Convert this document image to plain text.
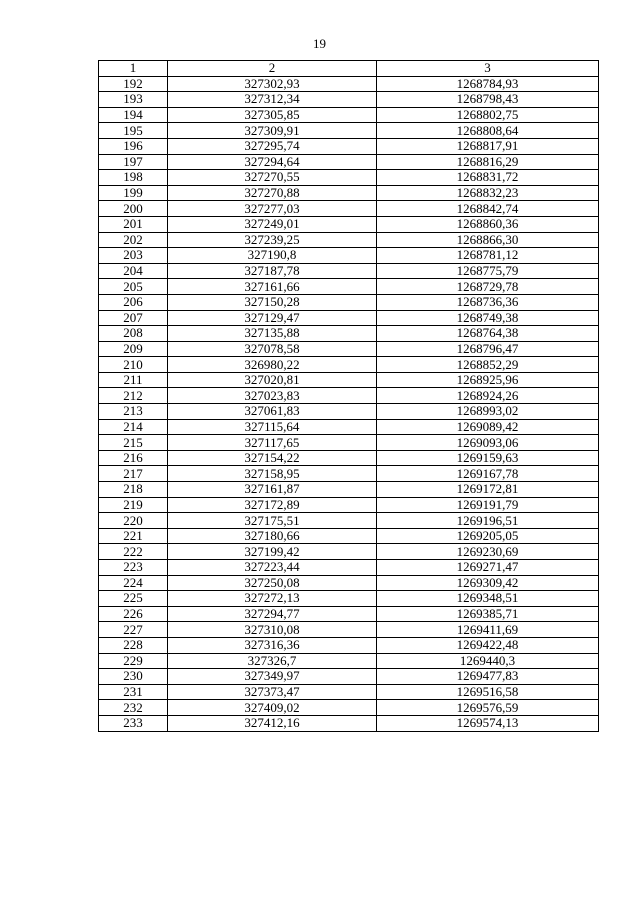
19
1	2	3
192	327302,93	1268784,93
193	327312,34	1268798,43
194	327305,85	1268802,75
195	327309,91	1268808,64
196	327295,74	1268817,91
197	327294,64	1268816,29
198	327270,55	1268831,72
199	327270,88	1268832,23
200	327277,03	1268842,74
201	327249,01	1268860,36
202	327239,25	1268866,30
203	327190,8	1268781,12
204	327187,78	1268775,79
205	327161,66	1268729,78
206	327150,28	1268736,36
207	327129,47	1268749,38
208	327135,88	1268764,38
209	327078,58	1268796,47
210	326980,22	1268852,29
211	327020,81	1268925,96
212	327023,83	1268924,26
213	327061,83	1268993,02
214	327115,64	1269089,42
215	327117,65	1269093,06
216	327154,22	1269159,63
217	327158,95	1269167,78
218	327161,87	1269172,81
219	327172,89	1269191,79
220	327175,51	1269196,51
221	327180,66	1269205,05
222	327199,42	1269230,69
223	327223,44	1269271,47
224	327250,08	1269309,42
225	327272,13	1269348,51
226	327294,77	1269385,71
227	327310,08	1269411,69
228	327316,36	1269422,48
229	327326,7	1269440,3
230	327349,97	1269477,83
231	327373,47	1269516,58
232	327409,02	1269576,59
233	327412,16	1269574,13
